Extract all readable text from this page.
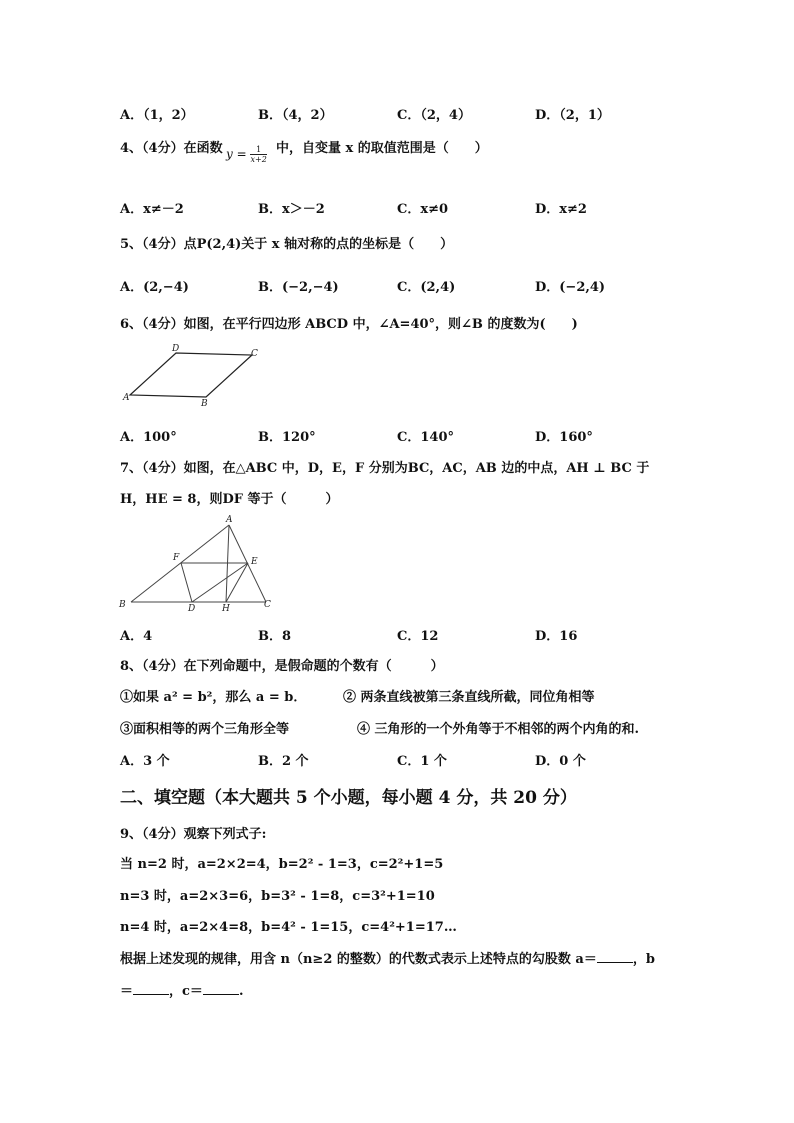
A．（1，2）	B．（4，2）	C．（2，4）	D．（2，1）
4、（4分）在函数 $y = \frac{1}{x+2}$ 中，自变量 x 的取值范围是（　　）
A．x≠－2	B．x＞－2	C．x≠0	D．x≠2
5、（4分）点P(2,4)关于 x 轴对称的点的坐标是（　　）
A．(2,−4)	B．(−2,−4)	C．(2,4)	D．(−2,4)
6、（4分）如图，在平行四边形 ABCD 中，∠A=40°，则∠B 的度数为(　　)
A
B
C
D
A．100°	B．120°	C．140°	D．160°
7、（4分）如图，在△ABC 中，D，E，F 分别为BC，AC，AB 边的中点，AH ⊥ BC 于
H，HE = 8，则DF 等于（　　　）
A
B	C
D
E
F
H
A．4	B．8	C．12	D．16
8、（4分）在下列命题中，是假命题的个数有（　　　）
①如果 a² = b²，那么 a = b．	② 两条直线被第三条直线所截，同位角相等
③面积相等的两个三角形全等	④ 三角形的一个外角等于不相邻的两个内角的和.
A．3 个	B．2 个	C．1 个	D．0 个
二、填空题（本大题共 5 个小题，每小题 4 分，共 20 分）
9、（4分）观察下列式子:
当 n=2 时，a=2×2=4，b=2² - 1=3，c=2²+1=5
n=3 时，a=2×3=6，b=3² - 1=8，c=3²+1=10
n=4 时，a=2×4=8，b=4² - 1=15，c=4²+1=17…
根据上述发现的规律，用含 n（n≥2 的整数）的代数式表示上述特点的勾股数 a＝	，b
＝	，c＝	.
